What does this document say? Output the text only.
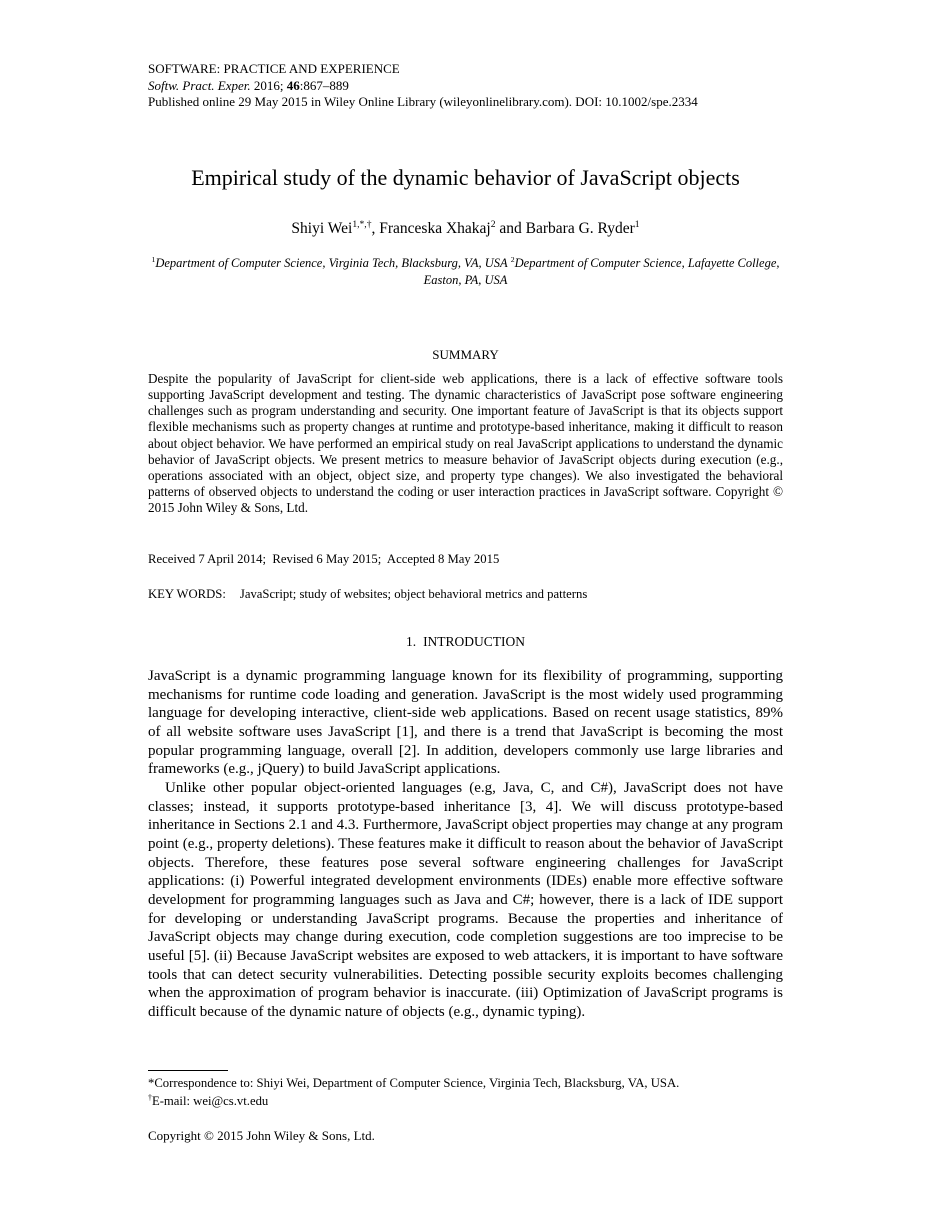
SOFTWARE: PRACTICE AND EXPERIENCE
Softw. Pract. Exper. 2016; 46:867–889
Published online 29 May 2015 in Wiley Online Library (wileyonlinelibrary.com). DOI: 10.1002/spe.2334
Empirical study of the dynamic behavior of JavaScript objects
Shiyi Wei$^{1,*,\dagger}$, Franceska Xhakaj$^2$ and Barbara G. Ryder$^1$
$^1$Department of Computer Science, Virginia Tech, Blacksburg, VA, USA $^2$Department of Computer Science, Lafayette College, Easton, PA, USA
SUMMARY
Despite the popularity of JavaScript for client-side web applications, there is a lack of effective software tools supporting JavaScript development and testing. The dynamic characteristics of JavaScript pose software engineering challenges such as program understanding and security. One important feature of JavaScript is that its objects support flexible mechanisms such as property changes at runtime and prototype-based inheritance, making it difficult to reason about object behavior. We have performed an empirical study on real JavaScript applications to understand the dynamic behavior of JavaScript objects. We present metrics to measure behavior of JavaScript objects during execution (e.g., operations associated with an object, object size, and property type changes). We also investigated the behavioral patterns of observed objects to understand the coding or user interaction practices in JavaScript software. Copyright © 2015 John Wiley & Sons, Ltd.
Received 7 April 2014;  Revised 6 May 2015;  Accepted 8 May 2015
KEY WORDS: JavaScript; study of websites; object behavioral metrics and patterns
1. INTRODUCTION

JavaScript is a dynamic programming language known for its flexibility of programming, supporting mechanisms for runtime code loading and generation. JavaScript is the most widely used programming language for developing interactive, client-side web applications. Based on recent usage statistics, 89% of all website software uses JavaScript [1], and there is a trend that JavaScript is becoming the most popular programming language, overall [2]. In addition, developers commonly use large libraries and frameworks (e.g., jQuery) to build JavaScript applications.

Unlike other popular object-oriented languages (e.g, Java, C, and C#), JavaScript does not have classes; instead, it supports prototype-based inheritance [3, 4]. We will discuss prototype-based inheritance in Sections 2.1 and 4.3. Furthermore, JavaScript object properties may change at any program point (e.g., property deletions). These features make it difficult to reason about the behavior of JavaScript objects. Therefore, these features pose several software engineering challenges for JavaScript applications: (i) Powerful integrated development environments (IDEs) enable more effective software development for programming languages such as Java and C#; however, there is a lack of IDE support for developing or understanding JavaScript programs. Because the properties and inheritance of JavaScript objects may change during execution, code completion suggestions are too imprecise to be useful [5]. (ii) Because JavaScript websites are exposed to web attackers, it is important to have software tools that can detect security vulnerabilities. Detecting possible security exploits becomes challenging when the approximation of program behavior is inaccurate. (iii) Optimization of JavaScript programs is difficult because of the dynamic nature of objects (e.g., dynamic typing).

*Correspondence to: Shiyi Wei, Department of Computer Science, Virginia Tech, Blacksburg, VA, USA.
†E-mail: wei@cs.vt.edu
Copyright © 2015 John Wiley & Sons, Ltd.
